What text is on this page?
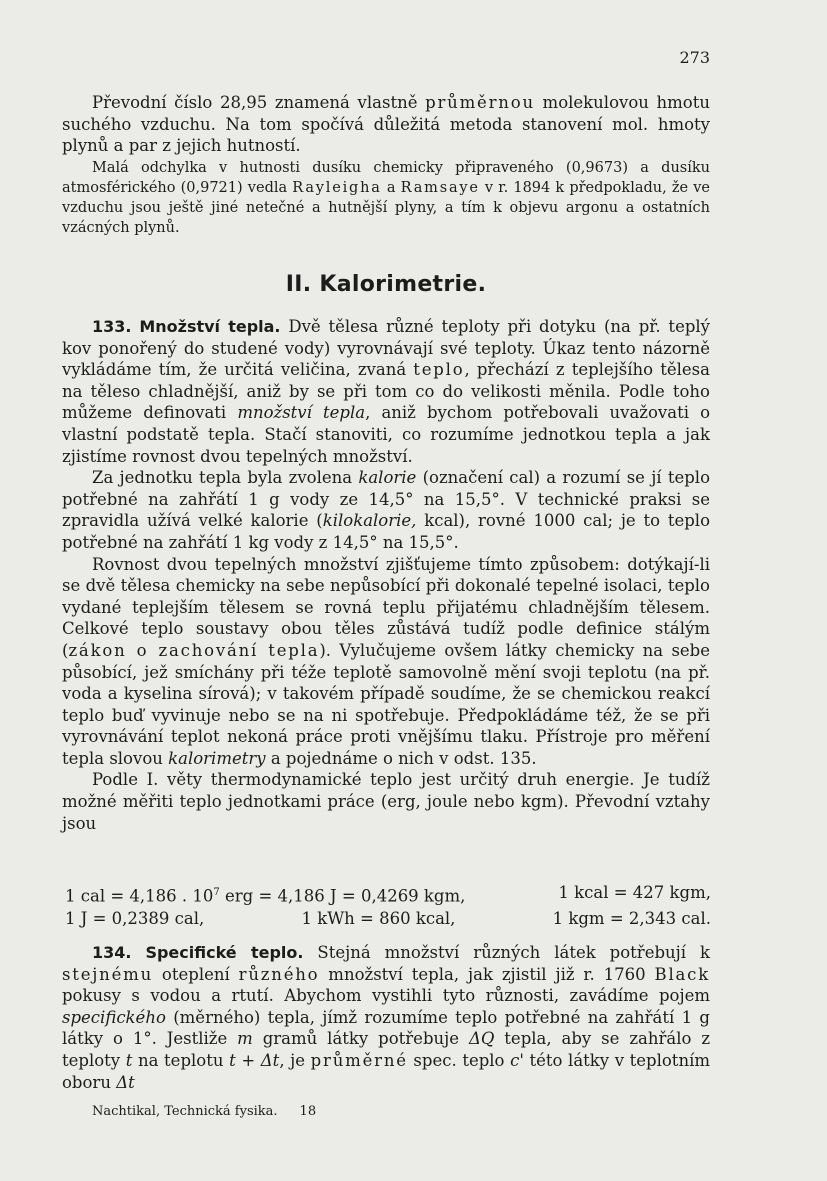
273

Převodní číslo 28,95 znamená vlastně průměrnou molekulovou hmotu suchého vzduchu. Na tom spočívá důležitá metoda stanovení mol. hmoty plynů a par z jejich hutností.

Malá odchylka v hutnosti dusíku chemicky připraveného (0,9673) a dusíku atmosférického (0,9721) vedla Rayleigha a Ramsaye v r. 1894 k předpokladu, že ve vzduchu jsou ještě jiné netečné a hutnější plyny, a tím k objevu argonu a ostatních vzácných plynů.

II. Kalorimetrie.

133. Množství tepla. Dvě tělesa různé teploty při dotyku (na př. teplý kov ponořený do studené vody) vyrovnávají své teploty. Úkaz tento názorně vykládáme tím, že určitá veličina, zvaná teplo, přechází z teplejšího tělesa na těleso chladnější, aniž by se při tom co do velikosti měnila. Podle toho můžeme definovati množství tepla, aniž bychom potřebovali uvažovati o vlastní podstatě tepla. Stačí stanoviti, co rozumíme jednotkou tepla a jak zjistíme rovnost dvou tepelných množství.

Za jednotku tepla byla zvolena kalorie (označení cal) a rozumí se jí teplo potřebné na zahřátí 1 g vody ze 14,5° na 15,5°. V technické praksi se zpravidla užívá velké kalorie (kilokalorie, kcal), rovné 1000 cal; je to teplo potřebné na zahřátí 1 kg vody z 14,5° na 15,5°.

Rovnost dvou tepelných množství zjišťujeme tímto způsobem: dotýkají-li se dvě tělesa chemicky na sebe nepůsobící při dokonalé tepelné isolaci, teplo vydané teplejším tělesem se rovná teplu přijatému chladnějším tělesem. Celkové teplo soustavy obou těles zůstává tudíž podle definice stálým (zákon o zachování tepla). Vylučujeme ovšem látky chemicky na sebe působící, jež smíchány při téže teplotě samovolně mění svoji teplotu (na př. voda a kyselina sírová); v takovém případě soudíme, že se chemickou reakcí teplo buď vyvinuje nebo se na ni spotřebuje. Předpokládáme též, že se při vyrovnávání teplot nekoná práce proti vnějšímu tlaku. Přístroje pro měření tepla slovou kalorimetry a pojednáme o nich v odst. 135.

Podle I. věty thermodynamické teplo jest určitý druh energie. Je tudíž možné měřiti teplo jednotkami práce (erg, joule nebo kgm). Převodní vztahy jsou

1 cal = 4,186 . $10^7$ erg = 4,186 J = 0,4269 kgm,	1 kcal = 427 kgm,
1 J = 0,2389 cal,	1 kWh = 860 kcal,	1 kgm = 2,343 cal.

134. Specifické teplo. Stejná množství různých látek potřebují k stejnému oteplení různého množství tepla, jak zjistil již r. 1760 Black pokusy s vodou a rtutí. Abychom vystihli tyto různosti, zavádíme pojem specifického (měrného) tepla, jímž rozumíme teplo potřebné na zahřátí 1 g látky o 1°. Jestliže m gramů látky potřebuje ΔQ tepla, aby se zahřálo z teploty t na teplotu t + Δt, je průměrné spec. teplo c' této látky v teplotním oboru Δt

Nachtikal, Technická fysika. 18
